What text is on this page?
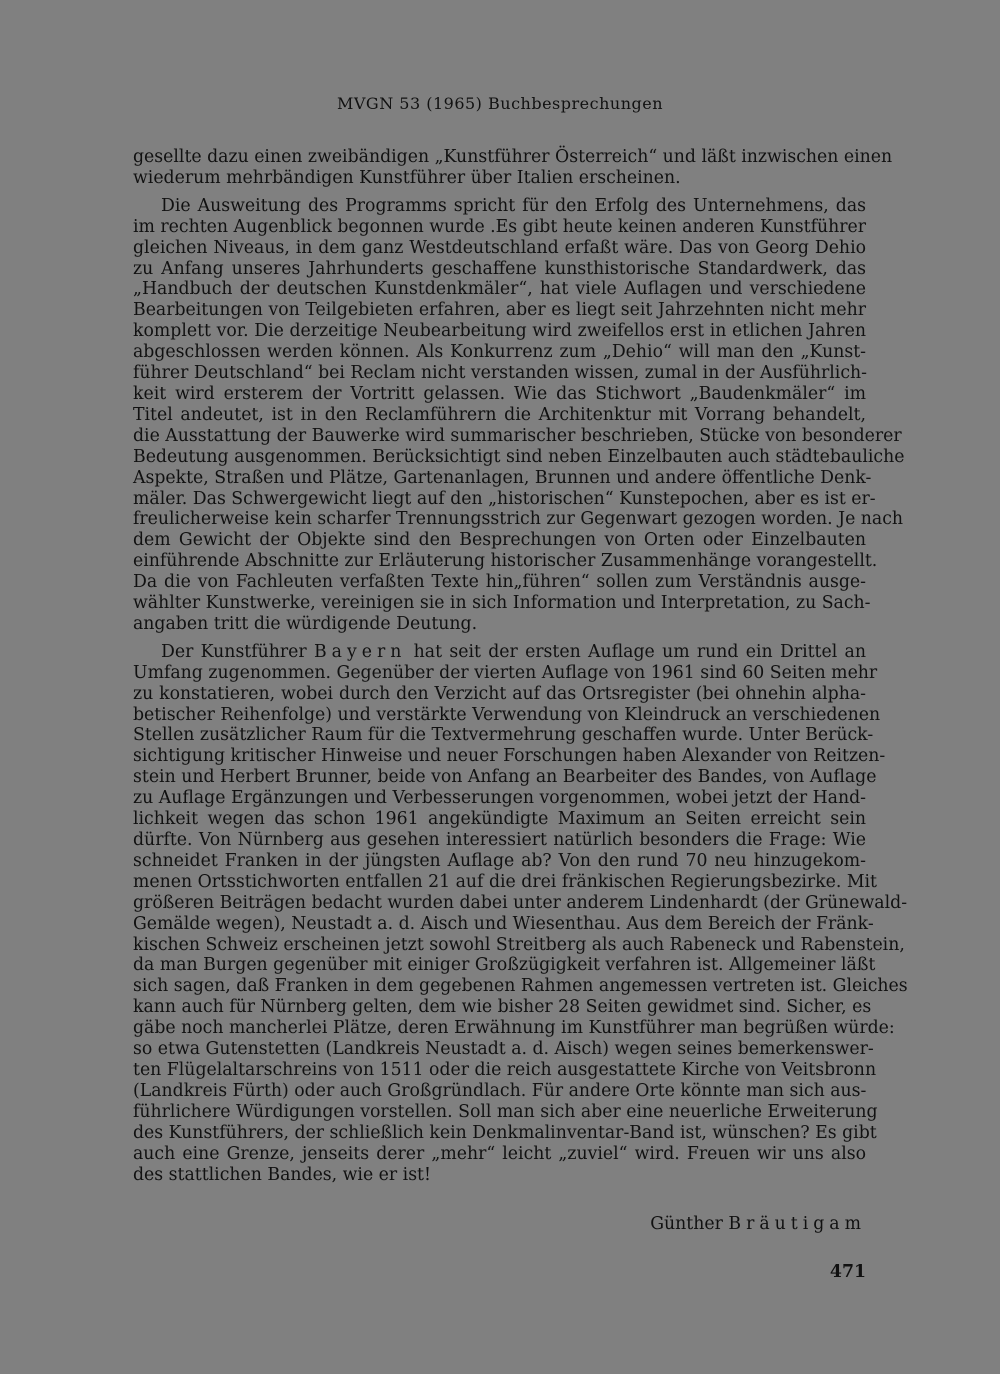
MVGN 53 (1965) Buchbesprechungen

gesellte dazu einen zweibändigen „Kunstführer Österreich“ und läßt inzwischen einen
wiederum mehrbändigen Kunstführer über Italien erscheinen.

Die Ausweitung des Programms spricht für den Erfolg des Unternehmens, das
im rechten Augenblick begonnen wurde .Es gibt heute keinen anderen Kunstführer
gleichen Niveaus, in dem ganz Westdeutschland erfaßt wäre. Das von Georg Dehio
zu Anfang unseres Jahrhunderts geschaffene kunsthistorische Standardwerk, das
„Handbuch der deutschen Kunstdenkmäler“, hat viele Auflagen und verschiedene
Bearbeitungen von Teilgebieten erfahren, aber es liegt seit Jahrzehnten nicht mehr
komplett vor. Die derzeitige Neubearbeitung wird zweifellos erst in etlichen Jahren
abgeschlossen werden können. Als Konkurrenz zum „Dehio“ will man den „Kunst-
führer Deutschland“ bei Reclam nicht verstanden wissen, zumal in der Ausführlich-
keit wird ersterem der Vortritt gelassen. Wie das Stichwort „Baudenkmäler“ im
Titel andeutet, ist in den Reclamführern die Architenktur mit Vorrang behandelt,
die Ausstattung der Bauwerke wird summarischer beschrieben, Stücke von besonderer
Bedeutung ausgenommen. Berücksichtigt sind neben Einzelbauten auch städtebauliche
Aspekte, Straßen und Plätze, Gartenanlagen, Brunnen und andere öffentliche Denk-
mäler. Das Schwergewicht liegt auf den „historischen“ Kunstepochen, aber es ist er-
freulicherweise kein scharfer Trennungsstrich zur Gegenwart gezogen worden. Je nach
dem Gewicht der Objekte sind den Besprechungen von Orten oder Einzelbauten
einführende Abschnitte zur Erläuterung historischer Zusammenhänge vorangestellt.
Da die von Fachleuten verfaßten Texte hin„führen“ sollen zum Verständnis ausge-
wählter Kunstwerke, vereinigen sie in sich Information und Interpretation, zu Sach-
angaben tritt die würdigende Deutung.

Der Kunstführer Bayern hat seit der ersten Auflage um rund ein Drittel an
Umfang zugenommen. Gegenüber der vierten Auflage von 1961 sind 60 Seiten mehr
zu konstatieren, wobei durch den Verzicht auf das Ortsregister (bei ohnehin alpha-
betischer Reihenfolge) und verstärkte Verwendung von Kleindruck an verschiedenen
Stellen zusätzlicher Raum für die Textvermehrung geschaffen wurde. Unter Berück-
sichtigung kritischer Hinweise und neuer Forschungen haben Alexander von Reitzen-
stein und Herbert Brunner, beide von Anfang an Bearbeiter des Bandes, von Auflage
zu Auflage Ergänzungen und Verbesserungen vorgenommen, wobei jetzt der Hand-
lichkeit wegen das schon 1961 angekündigte Maximum an Seiten erreicht sein
dürfte. Von Nürnberg aus gesehen interessiert natürlich besonders die Frage: Wie
schneidet Franken in der jüngsten Auflage ab? Von den rund 70 neu hinzugekom-
menen Ortsstichworten entfallen 21 auf die drei fränkischen Regierungsbezirke. Mit
größeren Beiträgen bedacht wurden dabei unter anderem Lindenhardt (der Grünewald-
Gemälde wegen), Neustadt a. d. Aisch und Wiesenthau. Aus dem Bereich der Fränk-
kischen Schweiz erscheinen jetzt sowohl Streitberg als auch Rabeneck und Rabenstein,
da man Burgen gegenüber mit einiger Großzügigkeit verfahren ist. Allgemeiner läßt
sich sagen, daß Franken in dem gegebenen Rahmen angemessen vertreten ist. Gleiches
kann auch für Nürnberg gelten, dem wie bisher 28 Seiten gewidmet sind. Sicher, es
gäbe noch mancherlei Plätze, deren Erwähnung im Kunstführer man begrüßen würde:
so etwa Gutenstetten (Landkreis Neustadt a. d. Aisch) wegen seines bemerkenswer-
ten Flügelaltarschreins von 1511 oder die reich ausgestattete Kirche von Veitsbronn
(Landkreis Fürth) oder auch Großgründlach. Für andere Orte könnte man sich aus-
führlichere Würdigungen vorstellen. Soll man sich aber eine neuerliche Erweiterung
des Kunstführers, der schließlich kein Denkmalinventar-Band ist, wünschen? Es gibt
auch eine Grenze, jenseits derer „mehr“ leicht „zuviel“ wird. Freuen wir uns also
des stattlichen Bandes, wie er ist!

Günther Bräutigam
471
